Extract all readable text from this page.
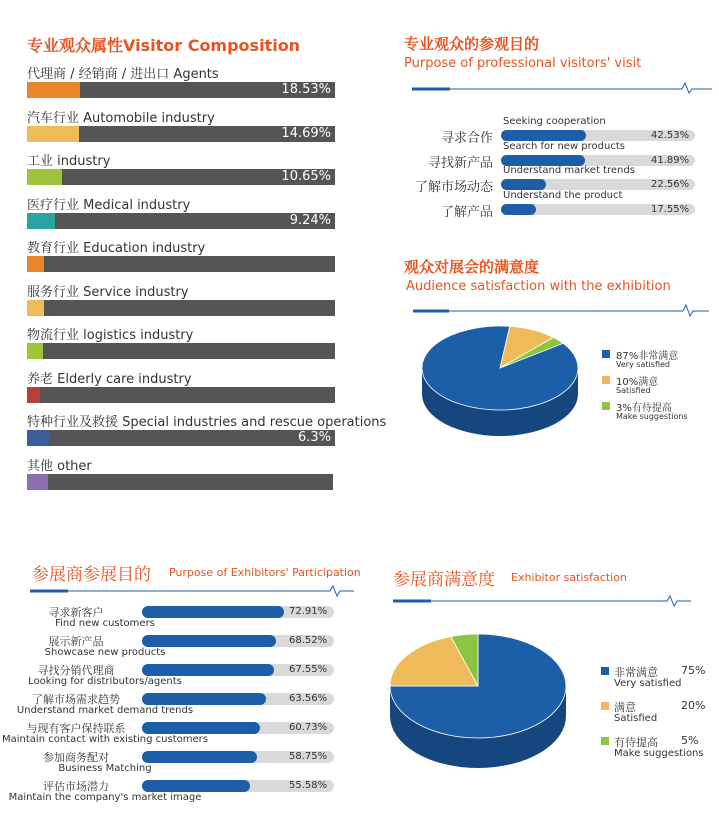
专业观众属性Visitor Composition
代理商 / 经销商 / 进出口 Agents
18.53%
汽车行业 Automobile industry
14.69%
工业 industry
10.65%
医疗行业 Medical industry
9.24%
教育行业 Education industry
服务行业 Service industry
物流行业 logistics industry
养老 Elderly care industry
特种行业及救援 Special industries and rescue operations
6.3%
其他 other
专业观众的参观目的
Purpose of professional visitors' visit
Seeking cooperation
寻求合作	42.53%
Search for new products
寻找新产品	41.89%
Understand market trends
了解市场动态	22.56%
Understand the product
了解产品	17.55%
观众对展会的满意度
Audience satisfaction with the exhibition
87%非常满意
Very satisfied
10%满意
Satisfied
3%有待提高
Make suggestions
参展商参展目的 Purpose of Exhibitors' Participation
寻求新客户
Find new customers
72.91%
展示新产品
Showcase new products
68.52%
寻找分销代理商
Looking for distributors/agents
67.55%
了解市场需求趋势
Understand market demand trends
63.56%
与现有客户保持联系
Maintain contact with existing customers
60.73%
参加商务配对
Business Matching
58.75%
评估市场潜力
Maintain the company's market image
55.58%
参展商满意度 Exhibitor satisfaction
非常满意 75%
Very satisfied
满意	20%
Satisfied
有待提高 5%
Make suggestions
